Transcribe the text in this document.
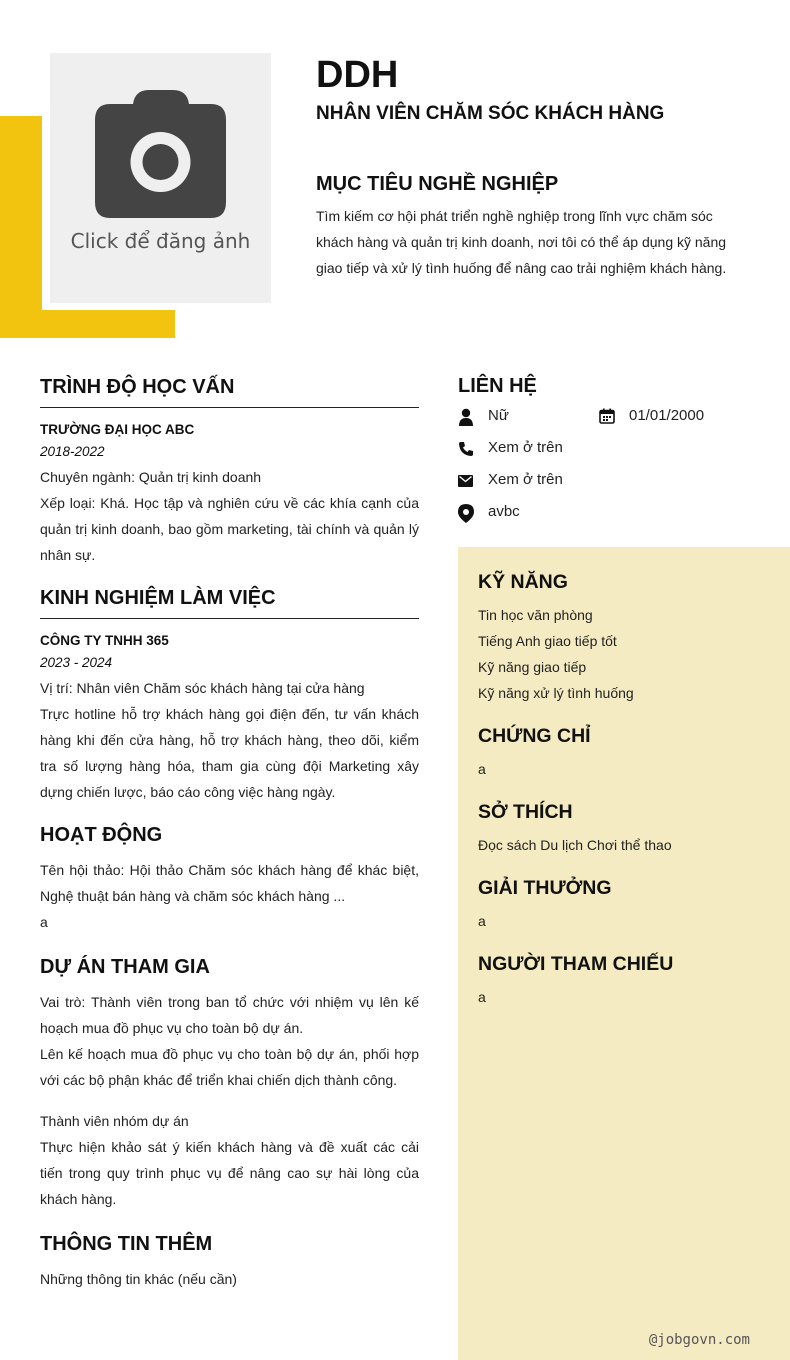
Click để đăng ảnh
DDH
NHÂN VIÊN CHĂM SÓC KHÁCH HÀNG
MỤC TIÊU NGHỀ NGHIỆP
Tìm kiếm cơ hội phát triển nghề nghiệp trong lĩnh vực chăm sóc khách hàng và quản trị kinh doanh, nơi tôi có thể áp dụng kỹ năng giao tiếp và xử lý tình huống để nâng cao trải nghiệm khách hàng.
TRÌNH ĐỘ HỌC VẤN
TRƯỜNG ĐẠI HỌC ABC
2018-2022
Chuyên ngành: Quản trị kinh doanh
Xếp loại: Khá. Học tập và nghiên cứu về các khía cạnh của quản trị kinh doanh, bao gồm marketing, tài chính và quản lý nhân sự.
KINH NGHIỆM LÀM VIỆC
CÔNG TY TNHH 365
2023 - 2024
Vị trí: Nhân viên Chăm sóc khách hàng tại cửa hàng
Trực hotline hỗ trợ khách hàng gọi điện đến, tư vấn khách hàng khi đến cửa hàng, hỗ trợ khách hàng, theo dõi, kiểm tra số lượng hàng hóa, tham gia cùng đội Marketing xây dựng chiến lược, báo cáo công việc hàng ngày.
HOẠT ĐỘNG
Tên hội thảo: Hội thảo Chăm sóc khách hàng để khác biệt, Nghệ thuật bán hàng và chăm sóc khách hàng ...
a
DỰ ÁN THAM GIA
Vai trò: Thành viên trong ban tổ chức với nhiệm vụ lên kế hoạch mua đồ phục vụ cho toàn bộ dự án.
Lên kế hoạch mua đồ phục vụ cho toàn bộ dự án, phối hợp với các bộ phận khác để triển khai chiến dịch thành công.
Thành viên nhóm dự án
Thực hiện khảo sát ý kiến khách hàng và đề xuất các cải tiến trong quy trình phục vụ để nâng cao sự hài lòng của khách hàng.
THÔNG TIN THÊM
Những thông tin khác (nếu cần)
LIÊN HỆ
Nữ	01/01/2000
Xem ở trên
Xem ở trên
avbc
KỸ NĂNG
Tin học văn phòng
Tiếng Anh giao tiếp tốt
Kỹ năng giao tiếp
Kỹ năng xử lý tình huống
CHỨNG CHỈ
a
SỞ THÍCH
Đọc sách Du lịch Chơi thể thao
GIẢI THƯỞNG
a
NGƯỜI THAM CHIẾU
a
@jobgovn.com
